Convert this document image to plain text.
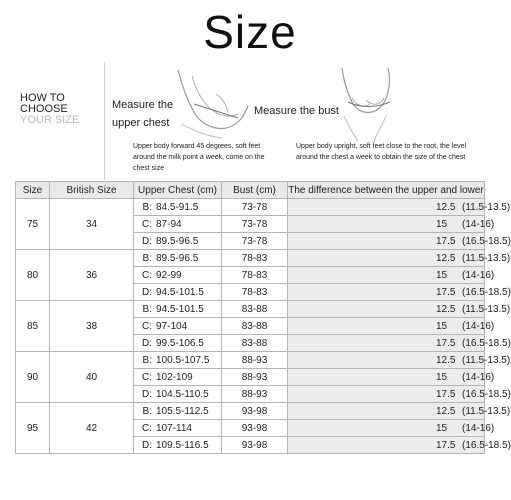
Size
HOW TO
CHOOSE
YOUR SIZE
Measure the upper chest
Measure the bust
Upper body forward 45 degrees, soft feet around the milk point a week, come on the chest size
Upper body upright, soft feet close to the root, the level around the chest a week to obtain the size of the chest
Size	British Size	Upper Chest (cm)	Bust (cm)	The difference between the upper and lower
75	34	B: 84.5-91.5	73-78	12.5 (11.5-13.5)

		C: 87-94	73-78	15 (14-16)

		D: 89.5-96.5	73-78	17.5 (16.5-18.5)

80	36	B: 89.5-96.5	78-83	12.5 (11.5-13.5)

		C: 92-99	78-83	15 (14-16)

		D: 94.5-101.5	78-83	17.5 (16.5-18.5)

85	38	B: 94.5-101.5	83-88	12.5 (11.5-13.5)

		C: 97-104	83-88	15 (14-16)

		D: 99.5-106.5	83-88	17.5 (16.5-18.5)

90	40	B: 100.5-107.5	88-93	12.5 (11.5-13.5)

		C: 102-109	88-93	15 (14-16)

		D: 104.5-110.5	88-93	17.5 (16.5-18.5)

95	42	B: 105.5-112.5	93-98	12.5 (11.5-13.5)

		C: 107-114	93-98	15 (14-16)

		D: 109.5-116.5	93-98	17.5 (16.5-18.5)
